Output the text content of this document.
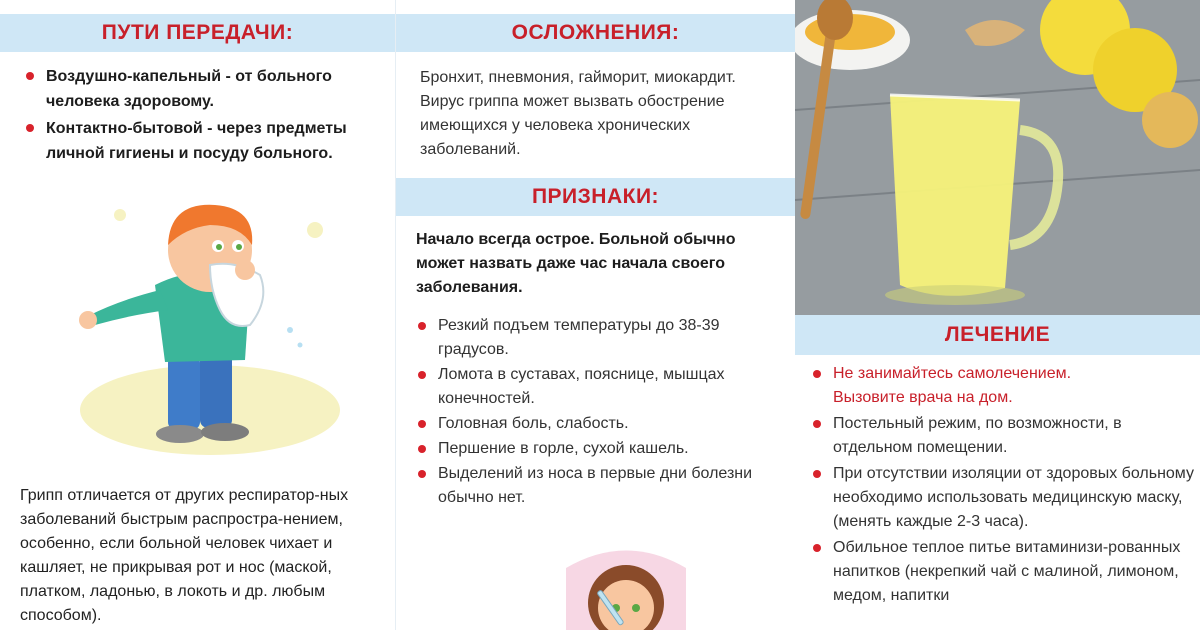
ПУТИ ПЕРЕДАЧИ:
Воздушно-капельный - от больного человека здоровому.
Контактно-бытовой - через предметы личной гигиены и посуду больного.
Грипп отличается от других респиратор-ных заболеваний быстрым распростра-нением, особенно, если больной человек чихает и кашляет, не прикрывая рот и нос (маской, платком, ладонью, в локоть и др. любым способом).
ОСЛОЖНЕНИЯ:
Бронхит, пневмония, гайморит, миокардит. Вирус гриппа может вызвать обострение имеющихся у человека хронических заболеваний.
ПРИЗНАКИ:
Начало всегда острое. Больной обычно может назвать даже час начала своего заболевания.
Резкий подъем температуры до 38-39 градусов.
Ломота в суставах, пояснице, мышцах конечностей.
Головная боль, слабость.
Першение в горле, сухой кашель.
Выделений из носа в первые дни болезни обычно нет.
ЛЕЧЕНИЕ
Не занимайтесь самолечением.
Вызовите врача на дом.
Постельный режим, по возможности, в отдельном помещении.
При отсутствии изоляции от здоровых больному необходимо использовать медицинскую маску, (менять каждые 2-3 часа).
Обильное теплое питье витаминизи-рованных напитков (некрепкий чай с малиной, лимоном, медом, напитки
